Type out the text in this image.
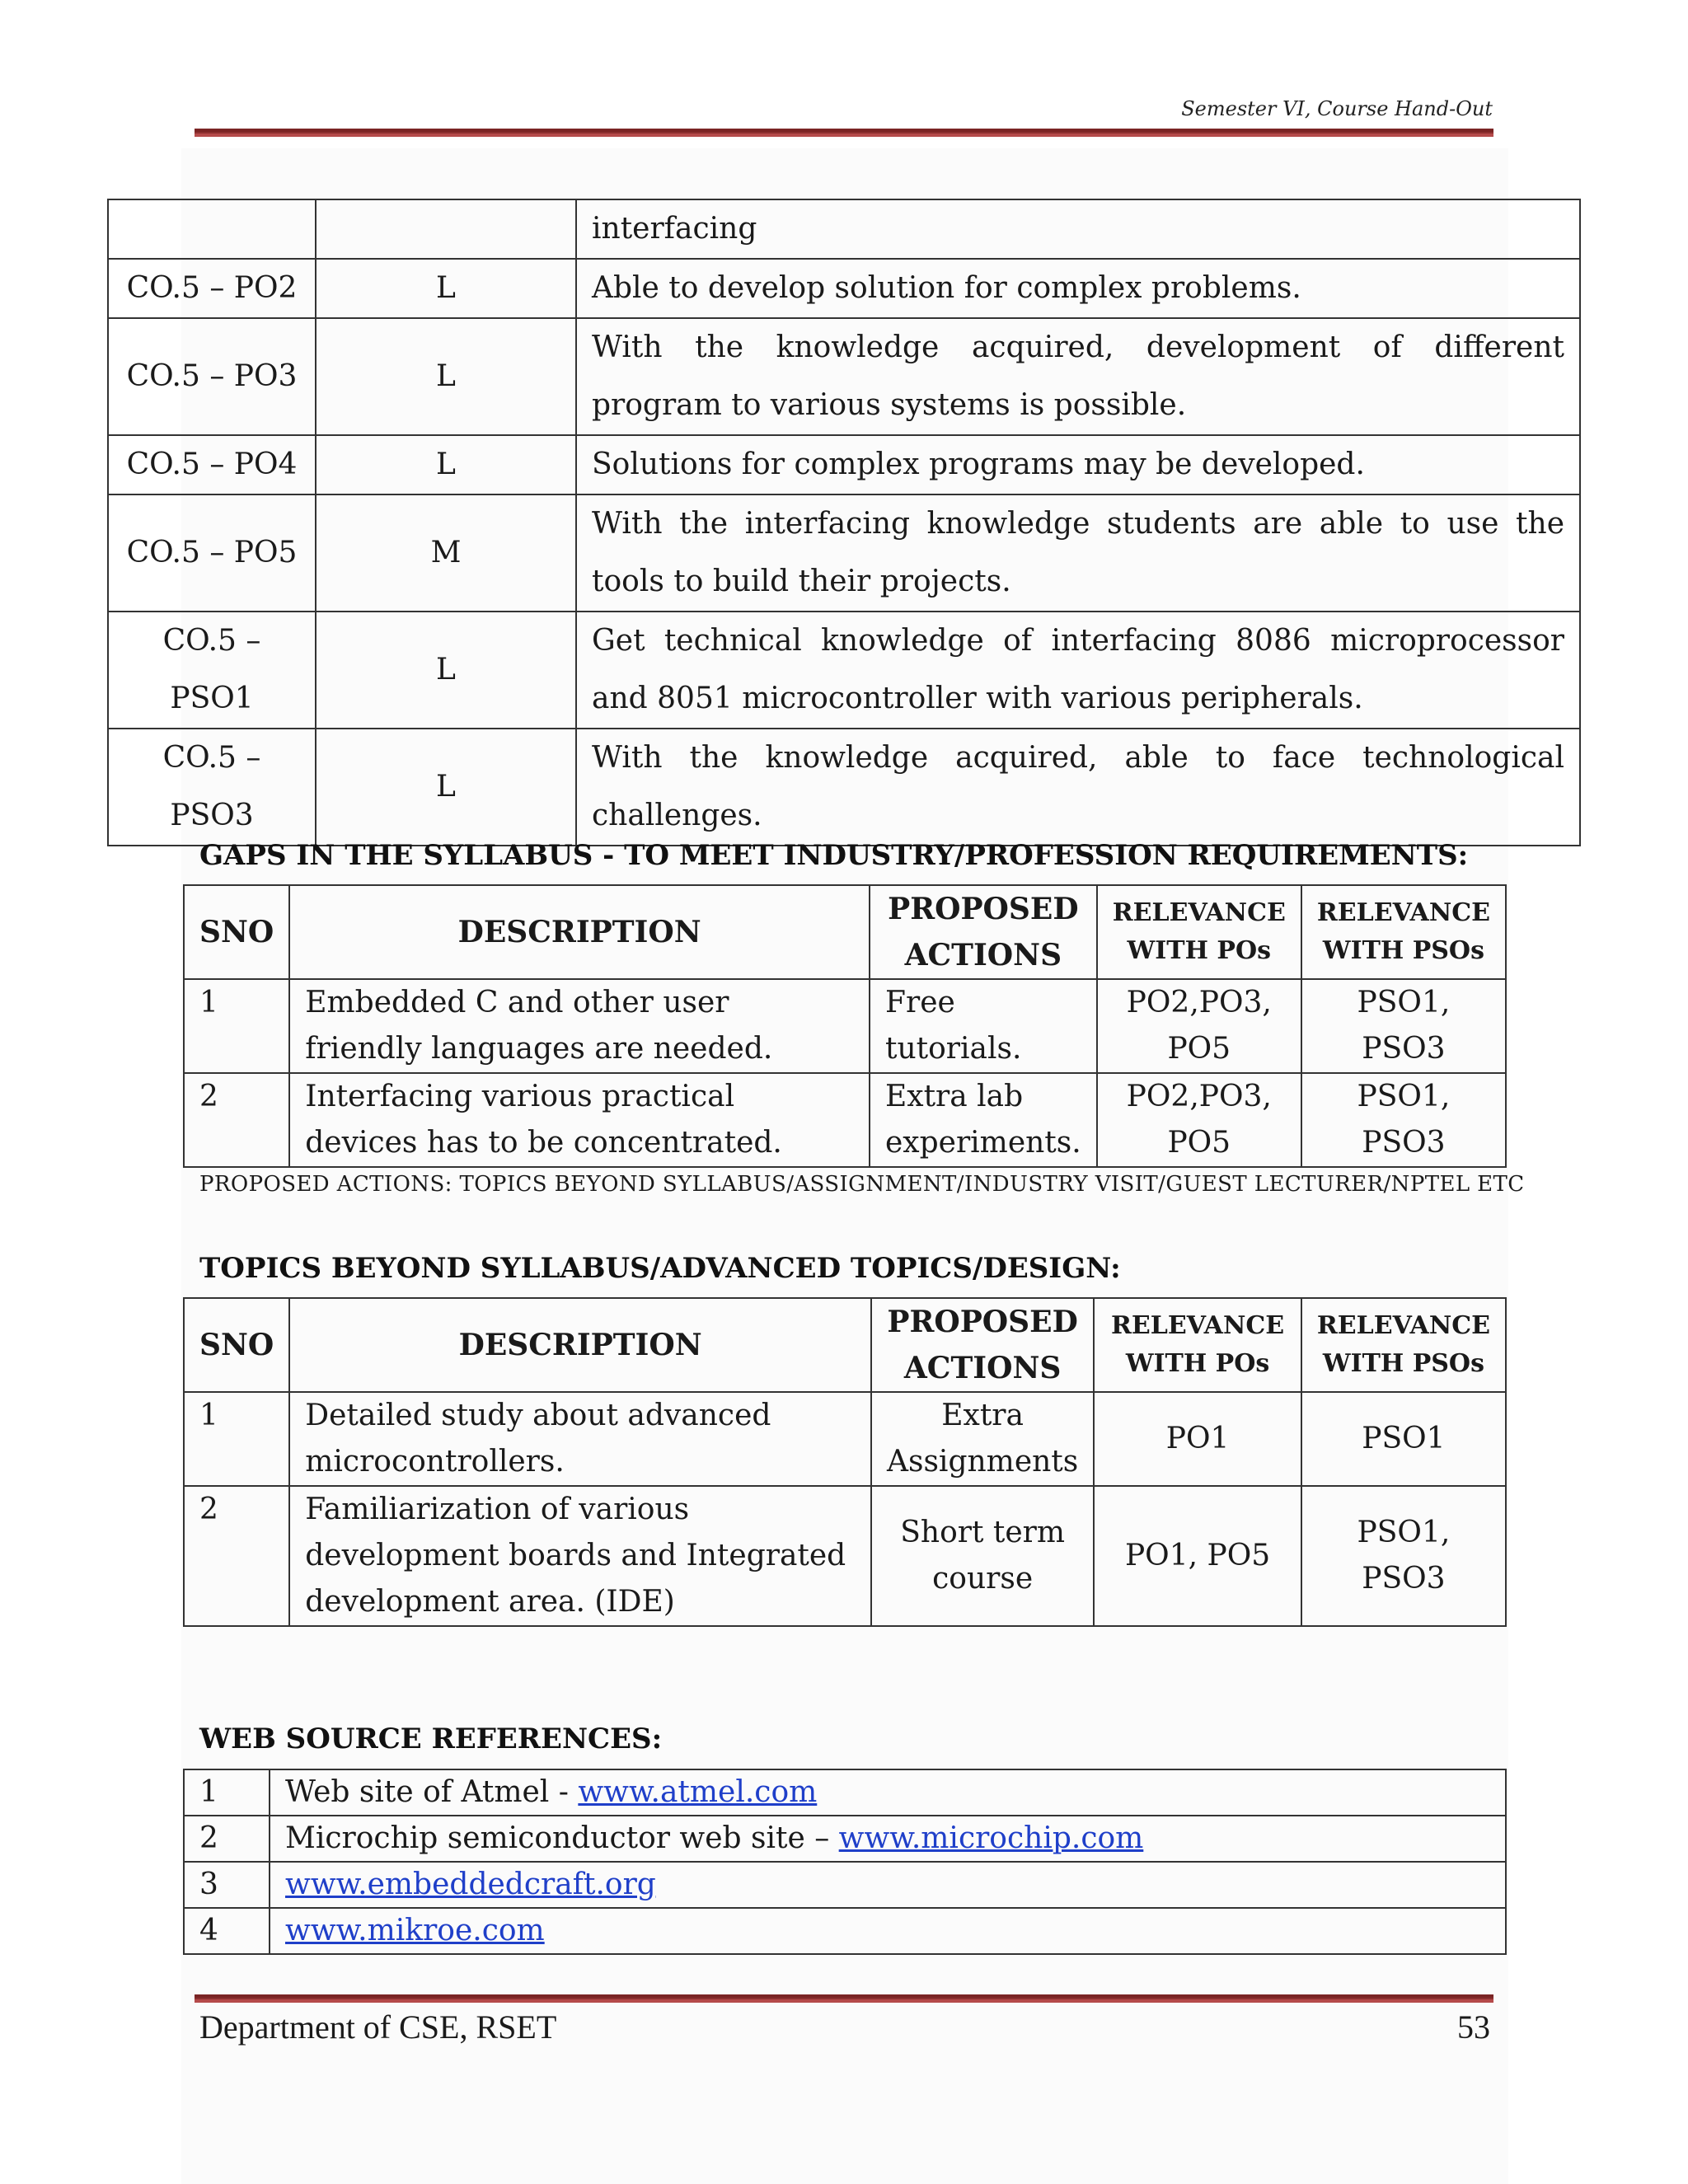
Semester VI, Course Hand-Out
		interfacing
CO.5 – PO2	L	Able to develop solution for complex problems.
CO.5 – PO3	L	With the knowledge acquired, development of different program to various systems is possible.
CO.5 – PO4	L	Solutions for complex programs may be developed.
CO.5 – PO5	M	With the interfacing knowledge students are able to use the tools to build their projects.
CO.5 – PSO1	L	Get technical knowledge of interfacing 8086 microprocessor and 8051 microcontroller with various peripherals.
CO.5 – PSO3	L	With the knowledge acquired, able to face technological challenges.
GAPS IN THE SYLLABUS - TO MEET INDUSTRY/PROFESSION REQUIREMENTS:
SNO	DESCRIPTION	PROPOSED ACTIONS	RELEVANCE WITH POs	RELEVANCE WITH PSOs
1	Embedded C and other user friendly languages are needed.	Free tutorials.	PO2,PO3, PO5	PSO1, PSO3
2	Interfacing various practical devices has to be concentrated.	Extra lab experiments.	PO2,PO3, PO5	PSO1, PSO3
PROPOSED ACTIONS: TOPICS BEYOND SYLLABUS/ASSIGNMENT/INDUSTRY VISIT/GUEST LECTURER/NPTEL ETC
TOPICS BEYOND SYLLABUS/ADVANCED TOPICS/DESIGN:
SNO	DESCRIPTION	PROPOSED ACTIONS	RELEVANCE WITH POs	RELEVANCE WITH PSOs
1	Detailed study about advanced microcontrollers.	Extra Assignments	PO1	PSO1
2	Familiarization of various development boards and Integrated development area. (IDE)	Short term course	PO1, PO5	PSO1, PSO3
WEB SOURCE REFERENCES:
1	Web site of Atmel - www.atmel.com
2	Microchip semiconductor web site – www.microchip.com
3	www.embeddedcraft.org
4	www.mikroe.com
Department of CSE, RSET	53
